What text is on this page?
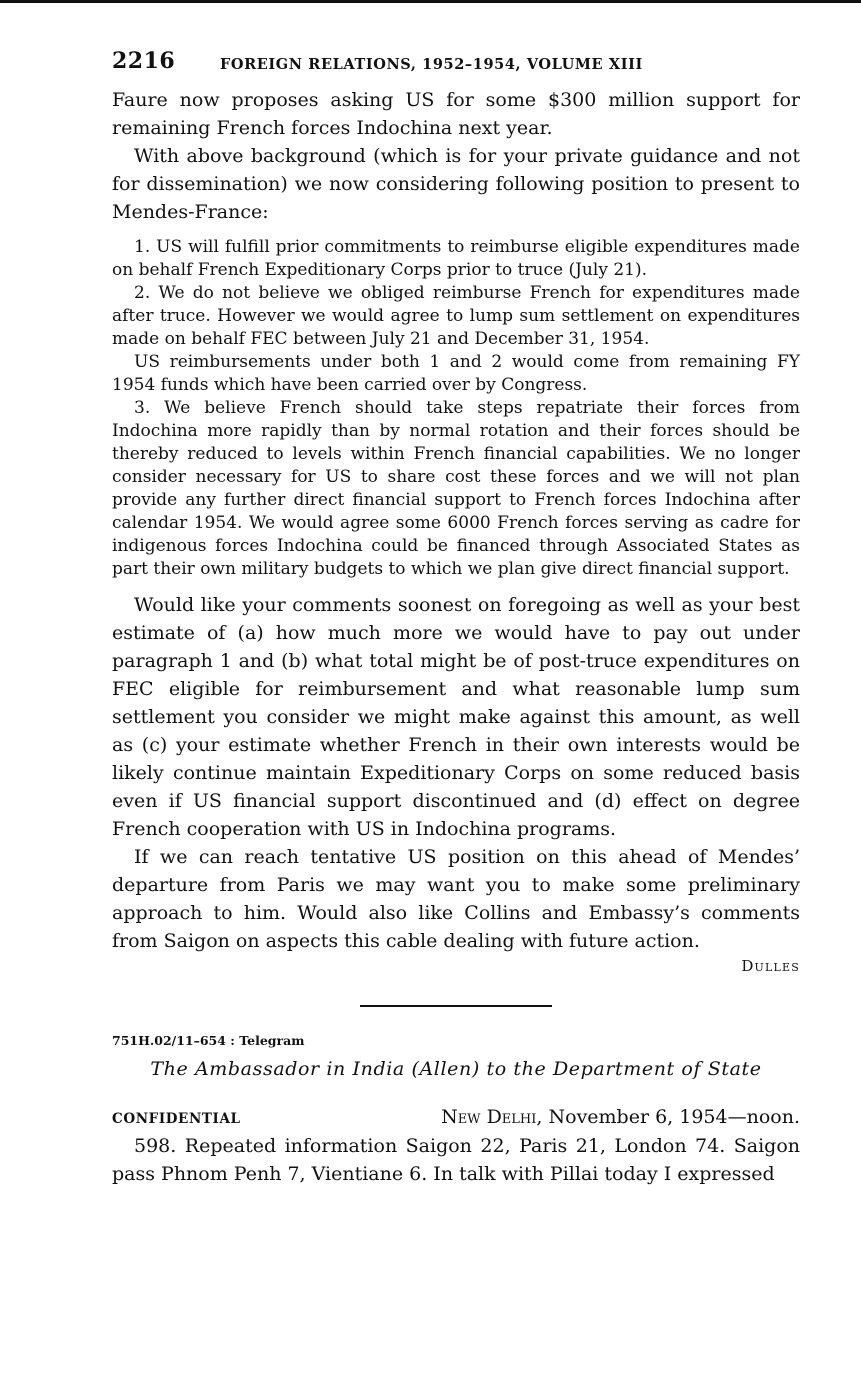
2216	FOREIGN RELATIONS, 1952–1954, VOLUME XIII

Faure now proposes asking US for some $300 million support for remaining French forces Indochina next year.

With above background (which is for your private guidance and not for dissemination) we now considering following position to present to Mendes-France:

1. US will fulfill prior commitments to reimburse eligible expenditures made on behalf French Expeditionary Corps prior to truce (July 21).

2. We do not believe we obliged reimburse French for expenditures made after truce. However we would agree to lump sum settlement on expenditures made on behalf FEC between July 21 and December 31, 1954.

US reimbursements under both 1 and 2 would come from remaining FY 1954 funds which have been carried over by Congress.

3. We believe French should take steps repatriate their forces from Indochina more rapidly than by normal rotation and their forces should be thereby reduced to levels within French financial capabilities. We no longer consider necessary for US to share cost these forces and we will not plan provide any further direct financial support to French forces Indochina after calendar 1954. We would agree some 6000 French forces serving as cadre for indigenous forces Indochina could be financed through Associated States as part their own military budgets to which we plan give direct financial support.

Would like your comments soonest on foregoing as well as your best estimate of (a) how much more we would have to pay out under paragraph 1 and (b) what total might be of post-truce expenditures on FEC eligible for reimbursement and what reasonable lump sum settlement you consider we might make against this amount, as well as (c) your estimate whether French in their own interests would be likely continue maintain Expeditionary Corps on some reduced basis even if US financial support discontinued and (d) effect on degree French cooperation with US in Indochina programs.

If we can reach tentative US position on this ahead of Mendes’ departure from Paris we may want you to make some preliminary approach to him. Would also like Collins and Embassy’s comments from Saigon on aspects this cable dealing with future action.

Dulles
751H.02/11–654 : Telegram
The Ambassador in India (Allen) to the Department of State
CONFIDENTIAL	New Delhi, November 6, 1954—noon.

598. Repeated information Saigon 22, Paris 21, London 74. Saigon pass Phnom Penh 7, Vientiane 6. In talk with Pillai today I expressed
